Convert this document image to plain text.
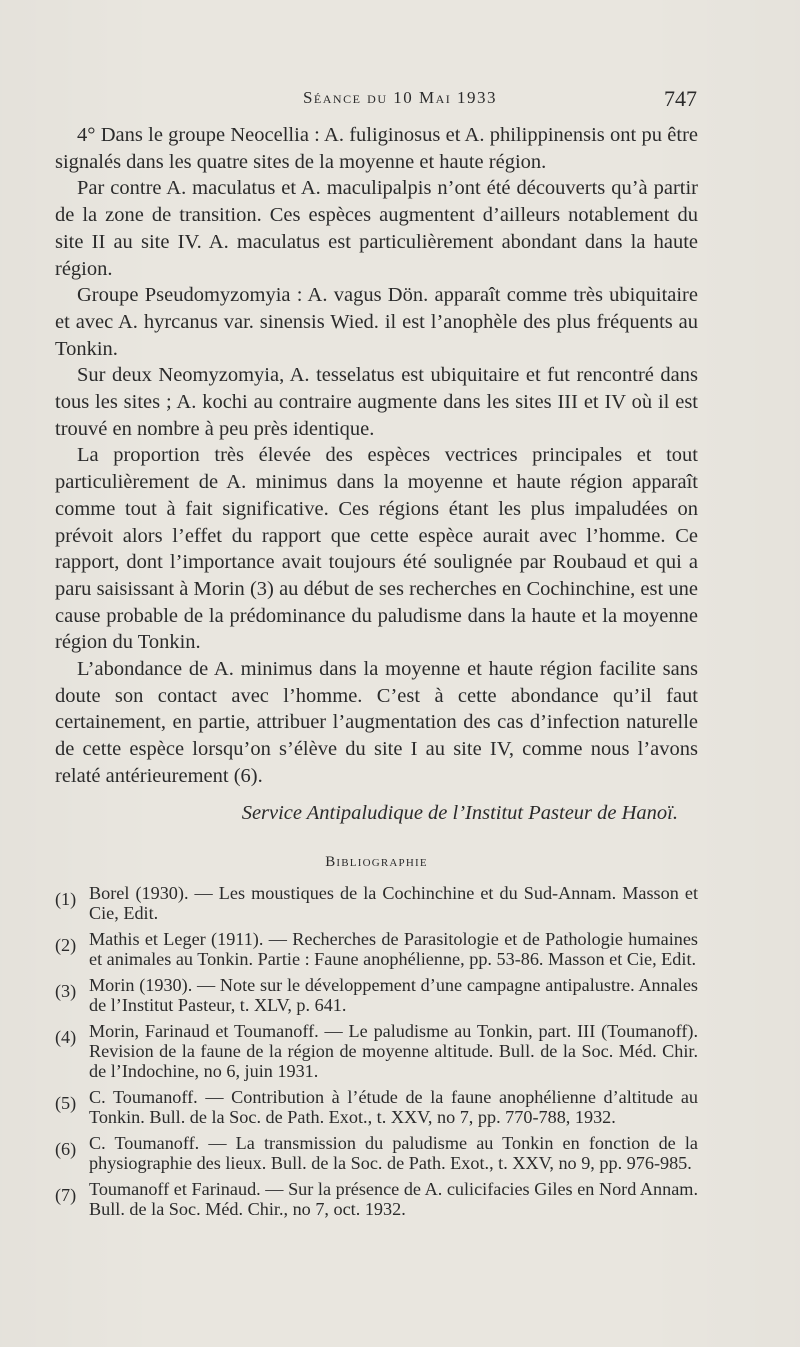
Séance du 10 Mai 1933	747

4° Dans le groupe Neocellia : A. fuliginosus et A. philippinensis ont pu être signalés dans les quatre sites de la moyenne et haute région.

Par contre A. maculatus et A. maculipalpis n’ont été découverts qu’à partir de la zone de transition. Ces espèces augmentent d’ailleurs notablement du site II au site IV. A. maculatus est particulièrement abondant dans la haute région.

Groupe Pseudomyzomyia : A. vagus Dön. apparaît comme très ubiquitaire et avec A. hyrcanus var. sinensis Wied. il est l’anophèle des plus fréquents au Tonkin.

Sur deux Neomyzomyia, A. tesselatus est ubiquitaire et fut rencontré dans tous les sites ; A. kochi au contraire augmente dans les sites III et IV où il est trouvé en nombre à peu près identique.

La proportion très élevée des espèces vectrices principales et tout particulièrement de A. minimus dans la moyenne et haute région apparaît comme tout à fait significative. Ces régions étant les plus impaludées on prévoit alors l’effet du rapport que cette espèce aurait avec l’homme. Ce rapport, dont l’importance avait toujours été soulignée par Roubaud et qui a paru saisissant à Morin (3) au début de ses recherches en Cochinchine, est une cause probable de la prédominance du paludisme dans la haute et la moyenne région du Tonkin.

L’abondance de A. minimus dans la moyenne et haute région facilite sans doute son contact avec l’homme. C’est à cette abondance qu’il faut certainement, en partie, attribuer l’augmentation des cas d’infection naturelle de cette espèce lorsqu’on s’élève du site I au site IV, comme nous l’avons relaté antérieurement (6).

Service Antipaludique de l’Institut Pasteur de Hanoï.
Bibliographie
(1) Borel (1930). — Les moustiques de la Cochinchine et du Sud-Annam. Masson et Cie, Edit.
(2) Mathis et Leger (1911). — Recherches de Parasitologie et de Pathologie humaines et animales au Tonkin. Partie : Faune anophélienne, pp. 53-86. Masson et Cie, Edit.
(3) Morin (1930). — Note sur le développement d’une campagne antipalustre. Annales de l’Institut Pasteur, t. XLV, p. 641.
(4) Morin, Farinaud et Toumanoff. — Le paludisme au Tonkin, part. III (Toumanoff). Revision de la faune de la région de moyenne altitude. Bull. de la Soc. Méd. Chir. de l’Indochine, no 6, juin 1931.
(5) C. Toumanoff. — Contribution à l’étude de la faune anophélienne d’altitude au Tonkin. Bull. de la Soc. de Path. Exot., t. XXV, no 7, pp. 770-788, 1932.
(6) C. Toumanoff. — La transmission du paludisme au Tonkin en fonction de la physiographie des lieux. Bull. de la Soc. de Path. Exot., t. XXV, no 9, pp. 976-985.
(7) Toumanoff et Farinaud. — Sur la présence de A. culicifacies Giles en Nord Annam. Bull. de la Soc. Méd. Chir., no 7, oct. 1932.
